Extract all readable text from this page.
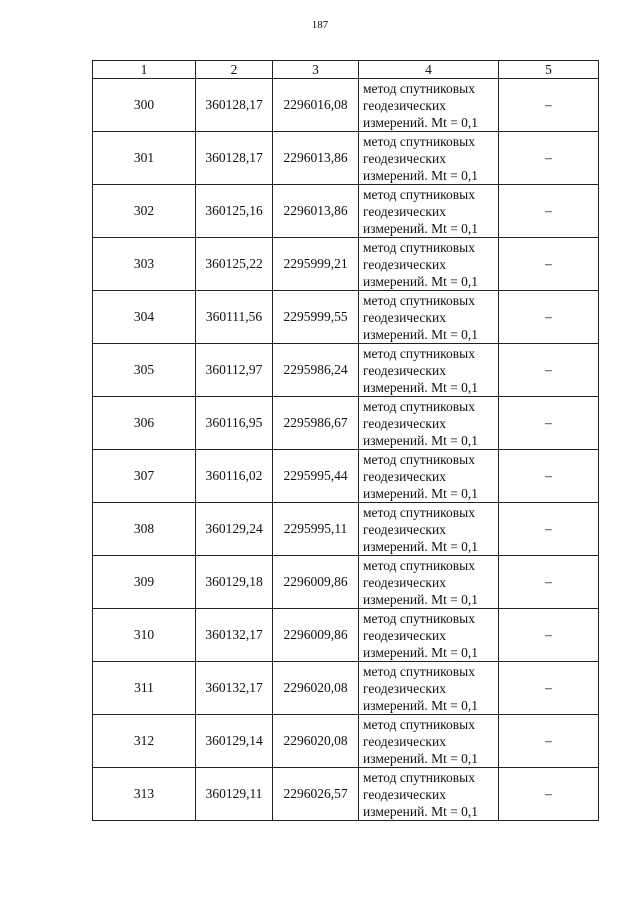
187
1	2	3	4	5
300	360128,17	2296016,08	метод спутниковых
геодезических
измерений. Mt = 0,1	–
301	360128,17	2296013,86	метод спутниковых
геодезических
измерений. Mt = 0,1	–
302	360125,16	2296013,86	метод спутниковых
геодезических
измерений. Mt = 0,1	–
303	360125,22	2295999,21	метод спутниковых
геодезических
измерений. Mt = 0,1	–
304	360111,56	2295999,55	метод спутниковых
геодезических
измерений. Mt = 0,1	–
305	360112,97	2295986,24	метод спутниковых
геодезических
измерений. Mt = 0,1	–
306	360116,95	2295986,67	метод спутниковых
геодезических
измерений. Mt = 0,1	–
307	360116,02	2295995,44	метод спутниковых
геодезических
измерений. Mt = 0,1	–
308	360129,24	2295995,11	метод спутниковых
геодезических
измерений. Mt = 0,1	–
309	360129,18	2296009,86	метод спутниковых
геодезических
измерений. Mt = 0,1	–
310	360132,17	2296009,86	метод спутниковых
геодезических
измерений. Mt = 0,1	–
311	360132,17	2296020,08	метод спутниковых
геодезических
измерений. Mt = 0,1	–
312	360129,14	2296020,08	метод спутниковых
геодезических
измерений. Mt = 0,1	–
313	360129,11	2296026,57	метод спутниковых
геодезических
измерений. Mt = 0,1	–
